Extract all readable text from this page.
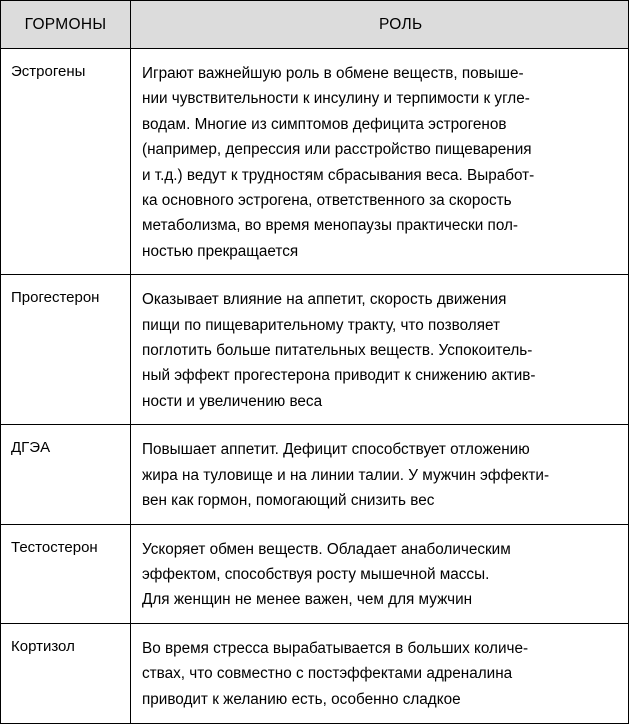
ГОРМОНЫ	РОЛЬ
Эстрогены	Играют важнейшую роль в обмене веществ, повыше-
нии чувствительности к инсулину и терпимости к угле-
водам. Многие из симптомов дефицита эстрогенов
(например, депрессия или расстройство пищеварения
и т.д.) ведут к трудностям сбрасывания веса. Выработ-
ка основного эстрогена, ответственного за скорость
метаболизма, во время менопаузы практически пол-
ностью прекращается

Прогестерон	Оказывает влияние на аппетит, скорость движения
пищи по пищеварительному тракту, что позволяет
поглотить больше питательных веществ. Успокоитель-
ный эффект прогестерона приводит к снижению актив-
ности и увеличению веса

ДГЭА	Повышает аппетит. Дефицит способствует отложению
жира на туловище и на линии талии. У мужчин эффекти-
вен как гормон, помогающий снизить вес

Тестостерон	Ускоряет обмен веществ. Обладает анаболическим
эффектом, способствуя росту мышечной массы.
Для женщин не менее важен, чем для мужчин

Кортизол	Во время стресса вырабатывается в больших количе-
ствах, что совместно с постэффектами адреналина
приводит к желанию есть, особенно сладкое
